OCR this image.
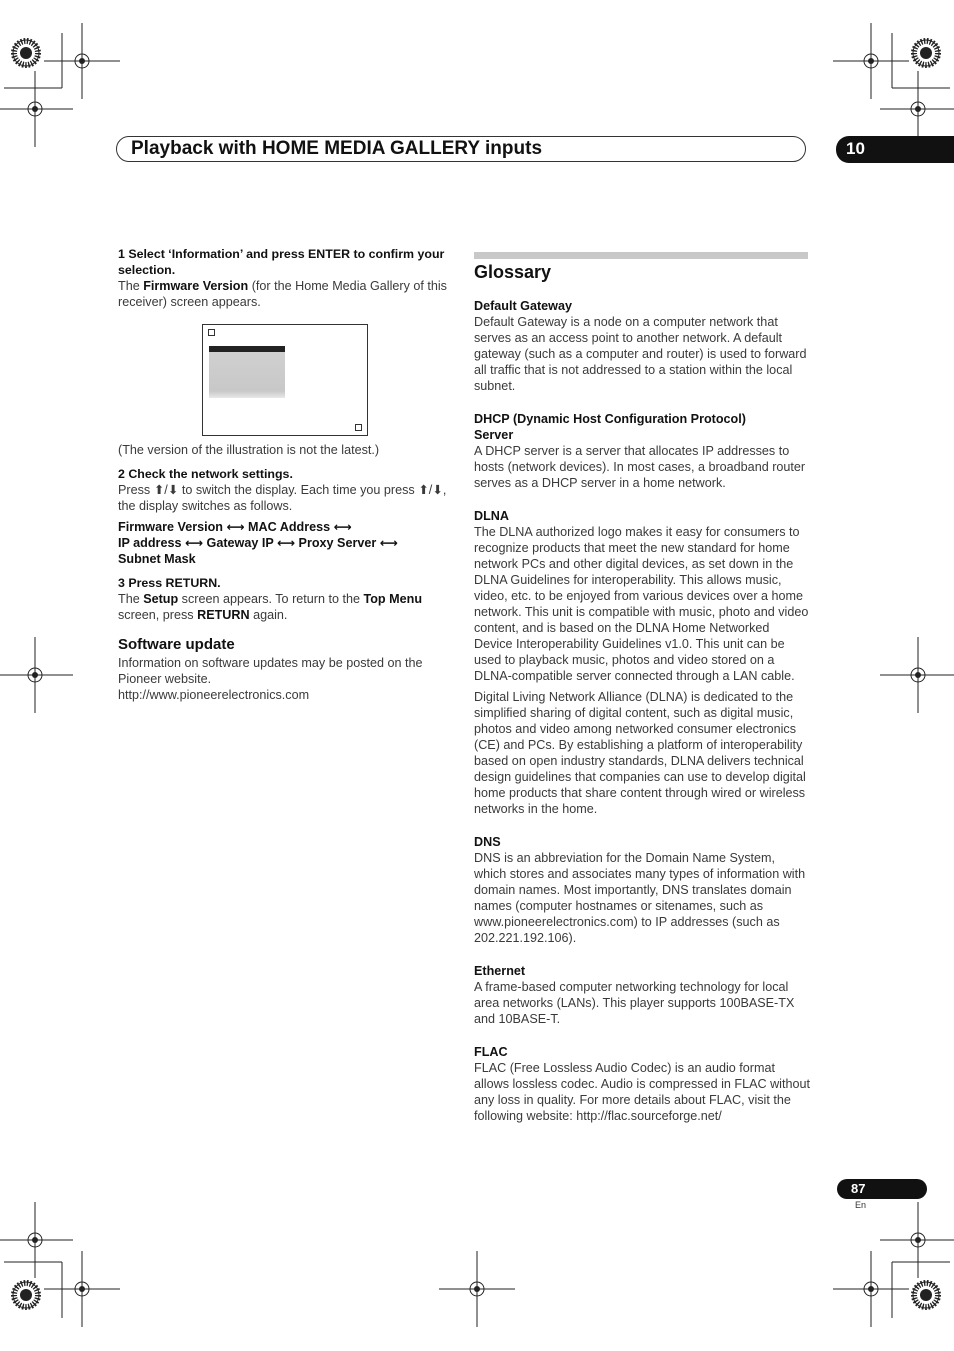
Playback with HOME MEDIA GALLERY inputs	10

1 Select ‘Information’ and press ENTER to confirm your selection.

The Firmware Version (for the Home Media Gallery of this receiver) screen appears.

(The version of the illustration is not the latest.)

2 Check the network settings.

Press ⬆/⬇ to switch the display. Each time you press ⬆/⬇, the display switches as follows.

Firmware Version ⟷ MAC Address ⟷

IP address ⟷ Gateway IP ⟷ Proxy Server ⟷

Subnet Mask

3 Press RETURN.

The Setup screen appears. To return to the Top Menu screen, press RETURN again.

Software update

Information on software updates may be posted on the Pioneer website.

http://www.pioneerelectronics.com

Glossary

Default Gateway

Default Gateway is a node on a computer network that serves as an access point to another network. A default gateway (such as a computer and router) is used to forward all traffic that is not addressed to a station within the local subnet.

DHCP (Dynamic Host Configuration Protocol) Server

A DHCP server is a server that allocates IP addresses to hosts (network devices). In most cases, a broadband router serves as a DHCP server in a home network.

DLNA

The DLNA authorized logo makes it easy for consumers to recognize products that meet the new standard for home network PCs and other digital devices, as set down in the DLNA Guidelines for interoperability. This allows music, video, etc. to be enjoyed from various devices over a home network. This unit is compatible with music, photo and video content, and is based on the DLNA Home Networked Device Interoperability Guidelines v1.0. This unit can be used to playback music, photos and video stored on a DLNA-compatible server connected through a LAN cable.

Digital Living Network Alliance (DLNA) is dedicated to the simplified sharing of digital content, such as digital music, photos and video among networked consumer electronics (CE) and PCs. By establishing a platform of interoperability based on open industry standards, DLNA delivers technical design guidelines that companies can use to develop digital home products that share content through wired or wireless networks in the home.

DNS

DNS is an abbreviation for the Domain Name System, which stores and associates many types of information with domain names. Most importantly, DNS translates domain names (computer hostnames or sitenames, such as www.pioneerelectronics.com) to IP addresses (such as 202.221.192.106).

Ethernet

A frame-based computer networking technology for local area networks (LANs). This player supports 100BASE-TX and 10BASE-T.

FLAC

FLAC (Free Lossless Audio Codec) is an audio format allows lossless codec. Audio is compressed in FLAC without any loss in quality. For more details about FLAC, visit the following website: http://flac.sourceforge.net/

87
En
